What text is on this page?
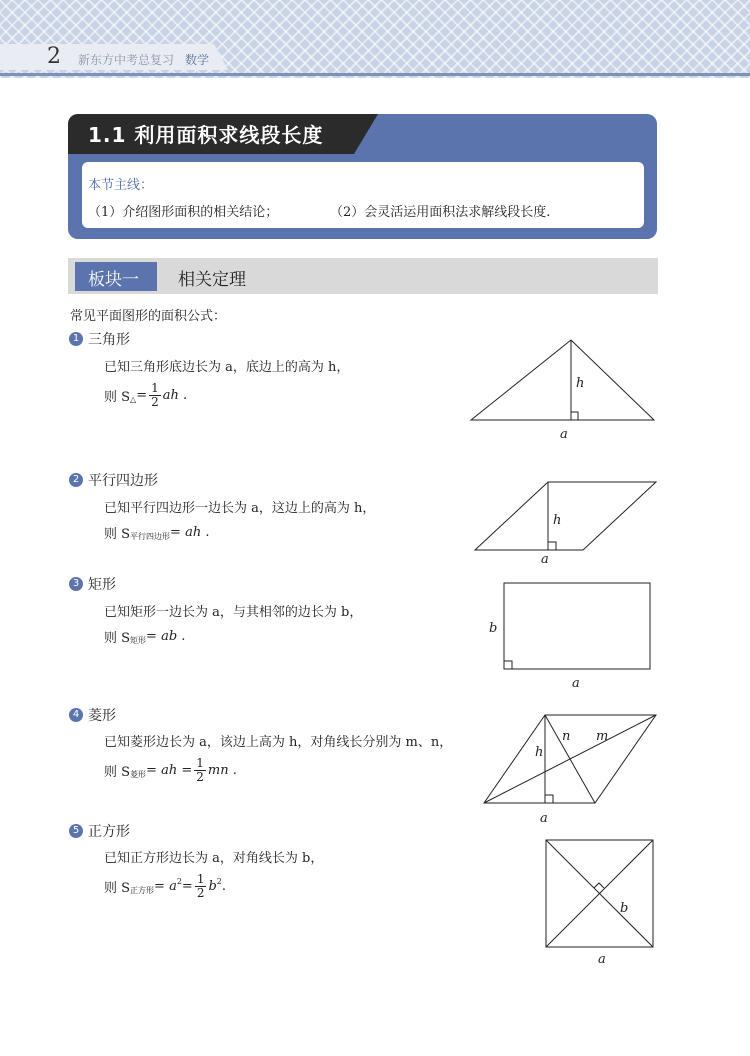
2 新东方中考总复习 数学
1.1 利用面积求线段长度
本节主线：
（1）介绍图形面积的相关结论；	（2）会灵活运用面积法求解线段长度.
板块一 相关定理
常见平面图形的面积公式：
1 三角形
已知三角形底边长为 a，底边上的高为 h，
则 S △ = $\frac{1}{2}$ ah .
2 平行四边形
已知平行四边形一边长为 a，这边上的高为 h，
则 S 平行四边形 = ah .
3 矩形
已知矩形一边长为 a，与其相邻的边长为 b，
则 S 矩形 = ab .
4 菱形
已知菱形边长为 a，该边上高为 h，对角线长分别为 m、n，
则 S 菱形 = ah = $\frac{1}{2}$ mn .
5 正方形
已知正方形边长为 a，对角线长为 b，
则 S 正方形 = a $2 = \frac{1}{2}$ b 2 .
h
a
h
a
b
a
h
n m
a
b
a
